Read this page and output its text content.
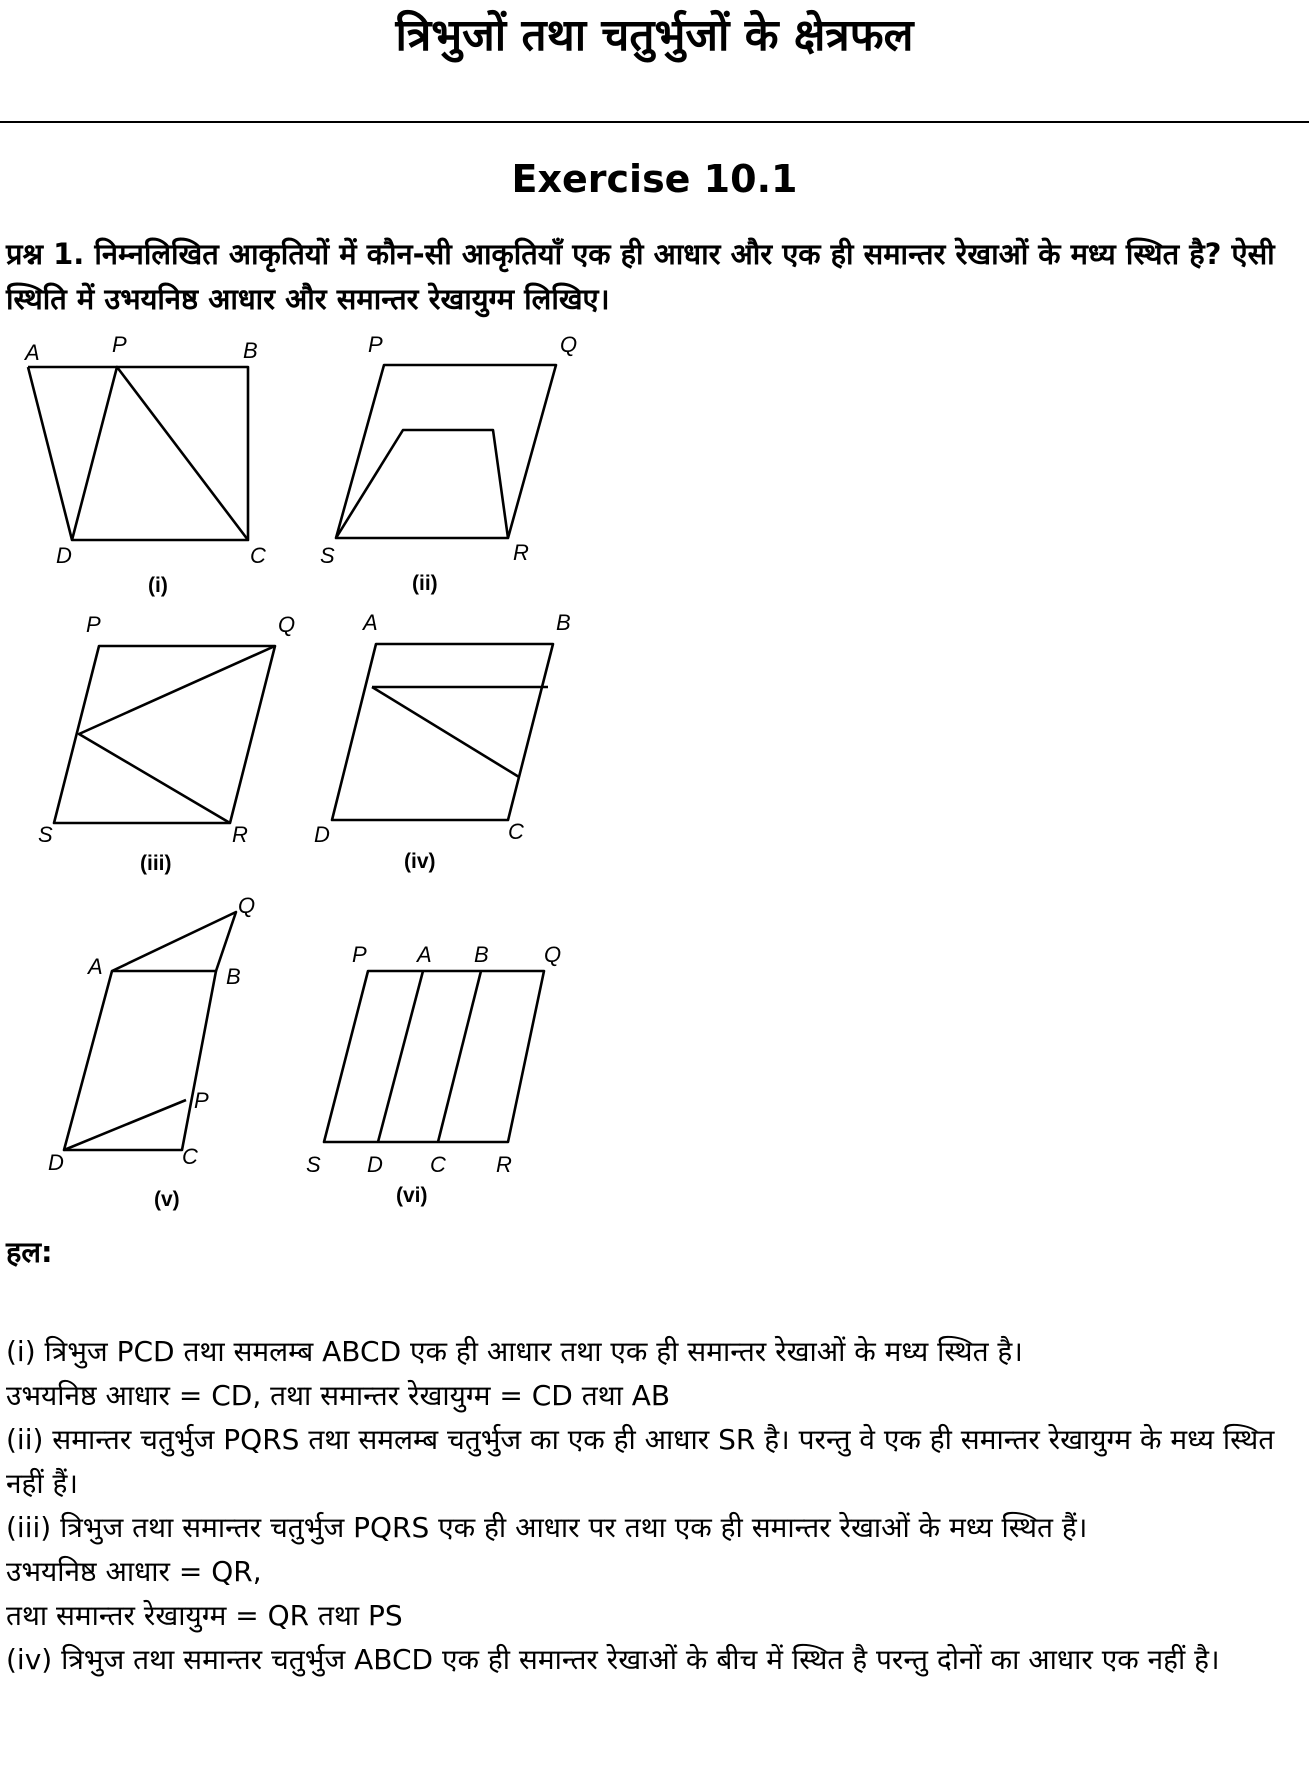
त्रिभुजों तथा चतुर्भुजों के क्षेत्रफल
Exercise 10.1
प्रश्न 1. निम्नलिखित आकृतियों में कौन-सी आकृतियाँ एक ही आधार और एक ही समान्तर रेखाओं के मध्य स्थित है? ऐसी स्थिति में उभयनिष्ठ आधार और समान्तर रेखायुग्म लिखिए।
A	P	B
D	C
(i)
P	Q
S	R
(ii)
P	Q
S	R
(iii)
A	B
D	C
(iv)
Q
A	B
P
D	C
(v)
P A B	Q
S D C R
(vi)
हल:

(i) त्रिभुज PCD तथा समलम्ब ABCD एक ही आधार तथा एक ही समान्तर रेखाओं के मध्य स्थित है।

उभयनिष्ठ आधार = CD, तथा समान्तर रेखायुग्म = CD तथा AB

(ii) समान्तर चतुर्भुज PQRS तथा समलम्ब चतुर्भुज का एक ही आधार SR है। परन्तु वे एक ही समान्तर रेखायुग्म के मध्य स्थित नहीं हैं।

(iii) त्रिभुज तथा समान्तर चतुर्भुज PQRS एक ही आधार पर तथा एक ही समान्तर रेखाओं के मध्य स्थित हैं।

उभयनिष्ठ आधार = QR,

तथा समान्तर रेखायुग्म = QR तथा PS

(iv) त्रिभुज तथा समान्तर चतुर्भुज ABCD एक ही समान्तर रेखाओं के बीच में स्थित है परन्तु दोनों का आधार एक नहीं है।
